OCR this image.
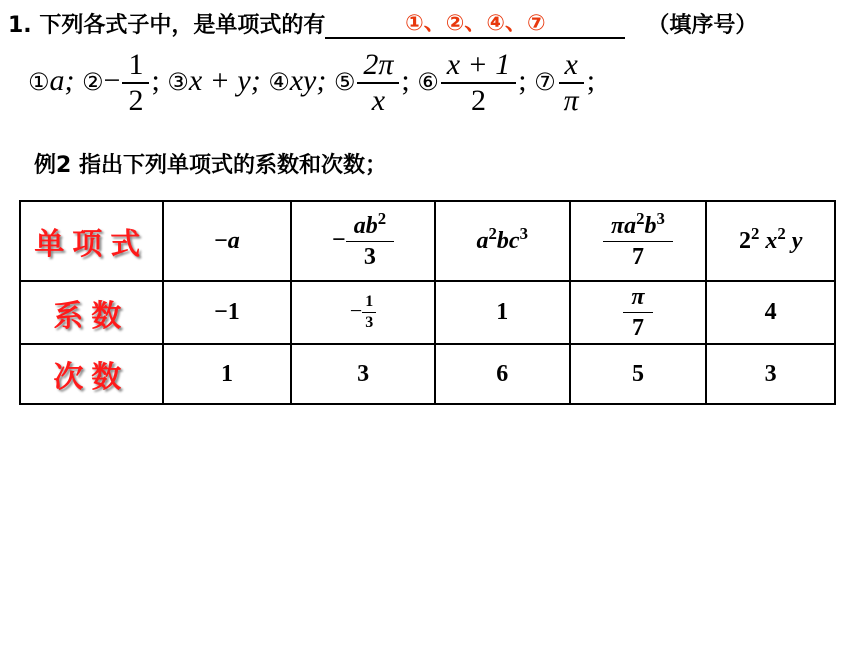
1. 下列各式子中，是单项式的有	①、②、④、⑦	（填序号）
①a; ②− $\frac{1}{2}$ ; ③x + y; ④xy; ⑤ $\frac{2\pi}{x}$ ; ⑥ $\frac{x + 1}{2}$ ; ⑦ $\frac{x}{\pi}$ ;
例2 指出下列单项式的系数和次数；
单项式	−a	− $\frac{ab^2}{3}$	$a^2bc^3$	$\frac{\pi a^2b^3}{7}$	$2^2$ $x^2$ y
系数	−1	− $\frac{1}{3}$	1	$\frac{\pi}{7}$	4
次数	1	3	6	5	3
